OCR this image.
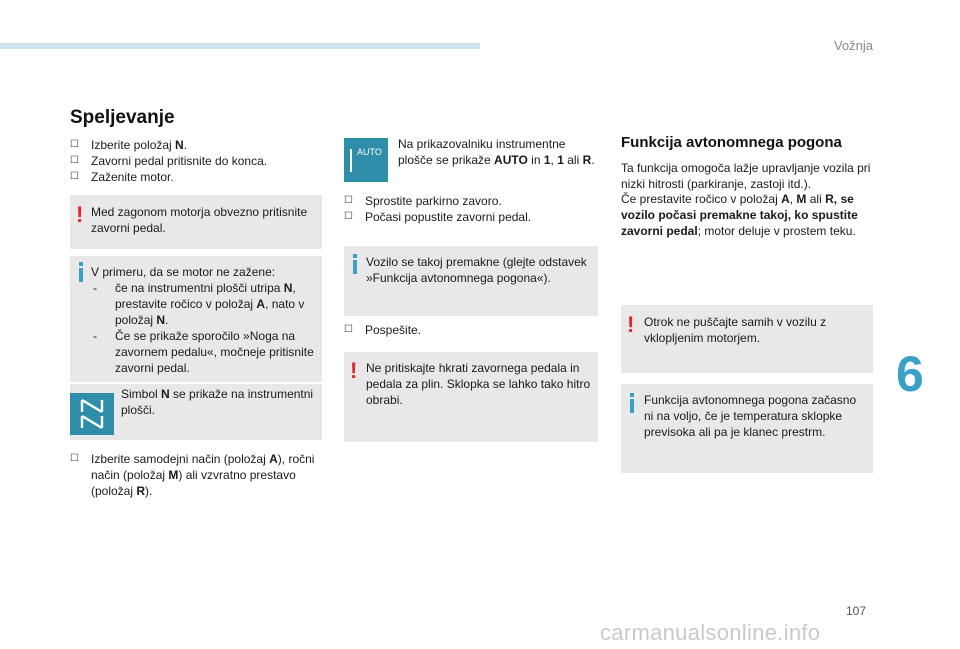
Vožnja
6
107
carmanualsonline.info
Speljevanje
☐ Izberite položaj N.
☐ Zavorni pedal pritisnite do konca.
☐ Zaženite motor.
! Med zagonom motorja obvezno pritisnite zavorni pedal.
V primeru, da se motor ne zažene:
- če na instrumentni plošči utripa N, prestavite ročico v položaj A, nato v položaj N.
- Če se prikaže sporočilo »Noga na zavornem pedalu«, močneje pritisnite zavorni pedal.
Simbol N se prikaže na instrumentni plošči.
☐ Izberite samodejni način (položaj A), ročni način (položaj M) ali vzvratno prestavo (položaj R).
AUTO
Na prikazovalniku instrumentne plošče se prikaže AUTO in 1, 1 ali R.
☐ Sprostite parkirno zavoro.
☐ Počasi popustite zavorni pedal.
Vozilo se takoj premakne (glejte odstavek »Funkcija avtonomnega pogona«).
☐ Pospešite.
! Ne pritiskajte hkrati zavornega pedala in pedala za plin. Sklopka se lahko tako hitro obrabi.
Funkcija avtonomnega pogona
Ta funkcija omogoča lažje upravljanje vozila pri nizki hitrosti (parkiranje, zastoji itd.).
Če prestavite ročico v položaj A, M ali R, se vozilo počasi premakne takoj, ko spustite zavorni pedal; motor deluje v prostem teku.
! Otrok ne puščajte samih v vozilu z vklopljenim motorjem.
Funkcija avtonomnega pogona začasno ni na voljo, če je temperatura sklopke previsoka ali pa je klanec prestrm.
